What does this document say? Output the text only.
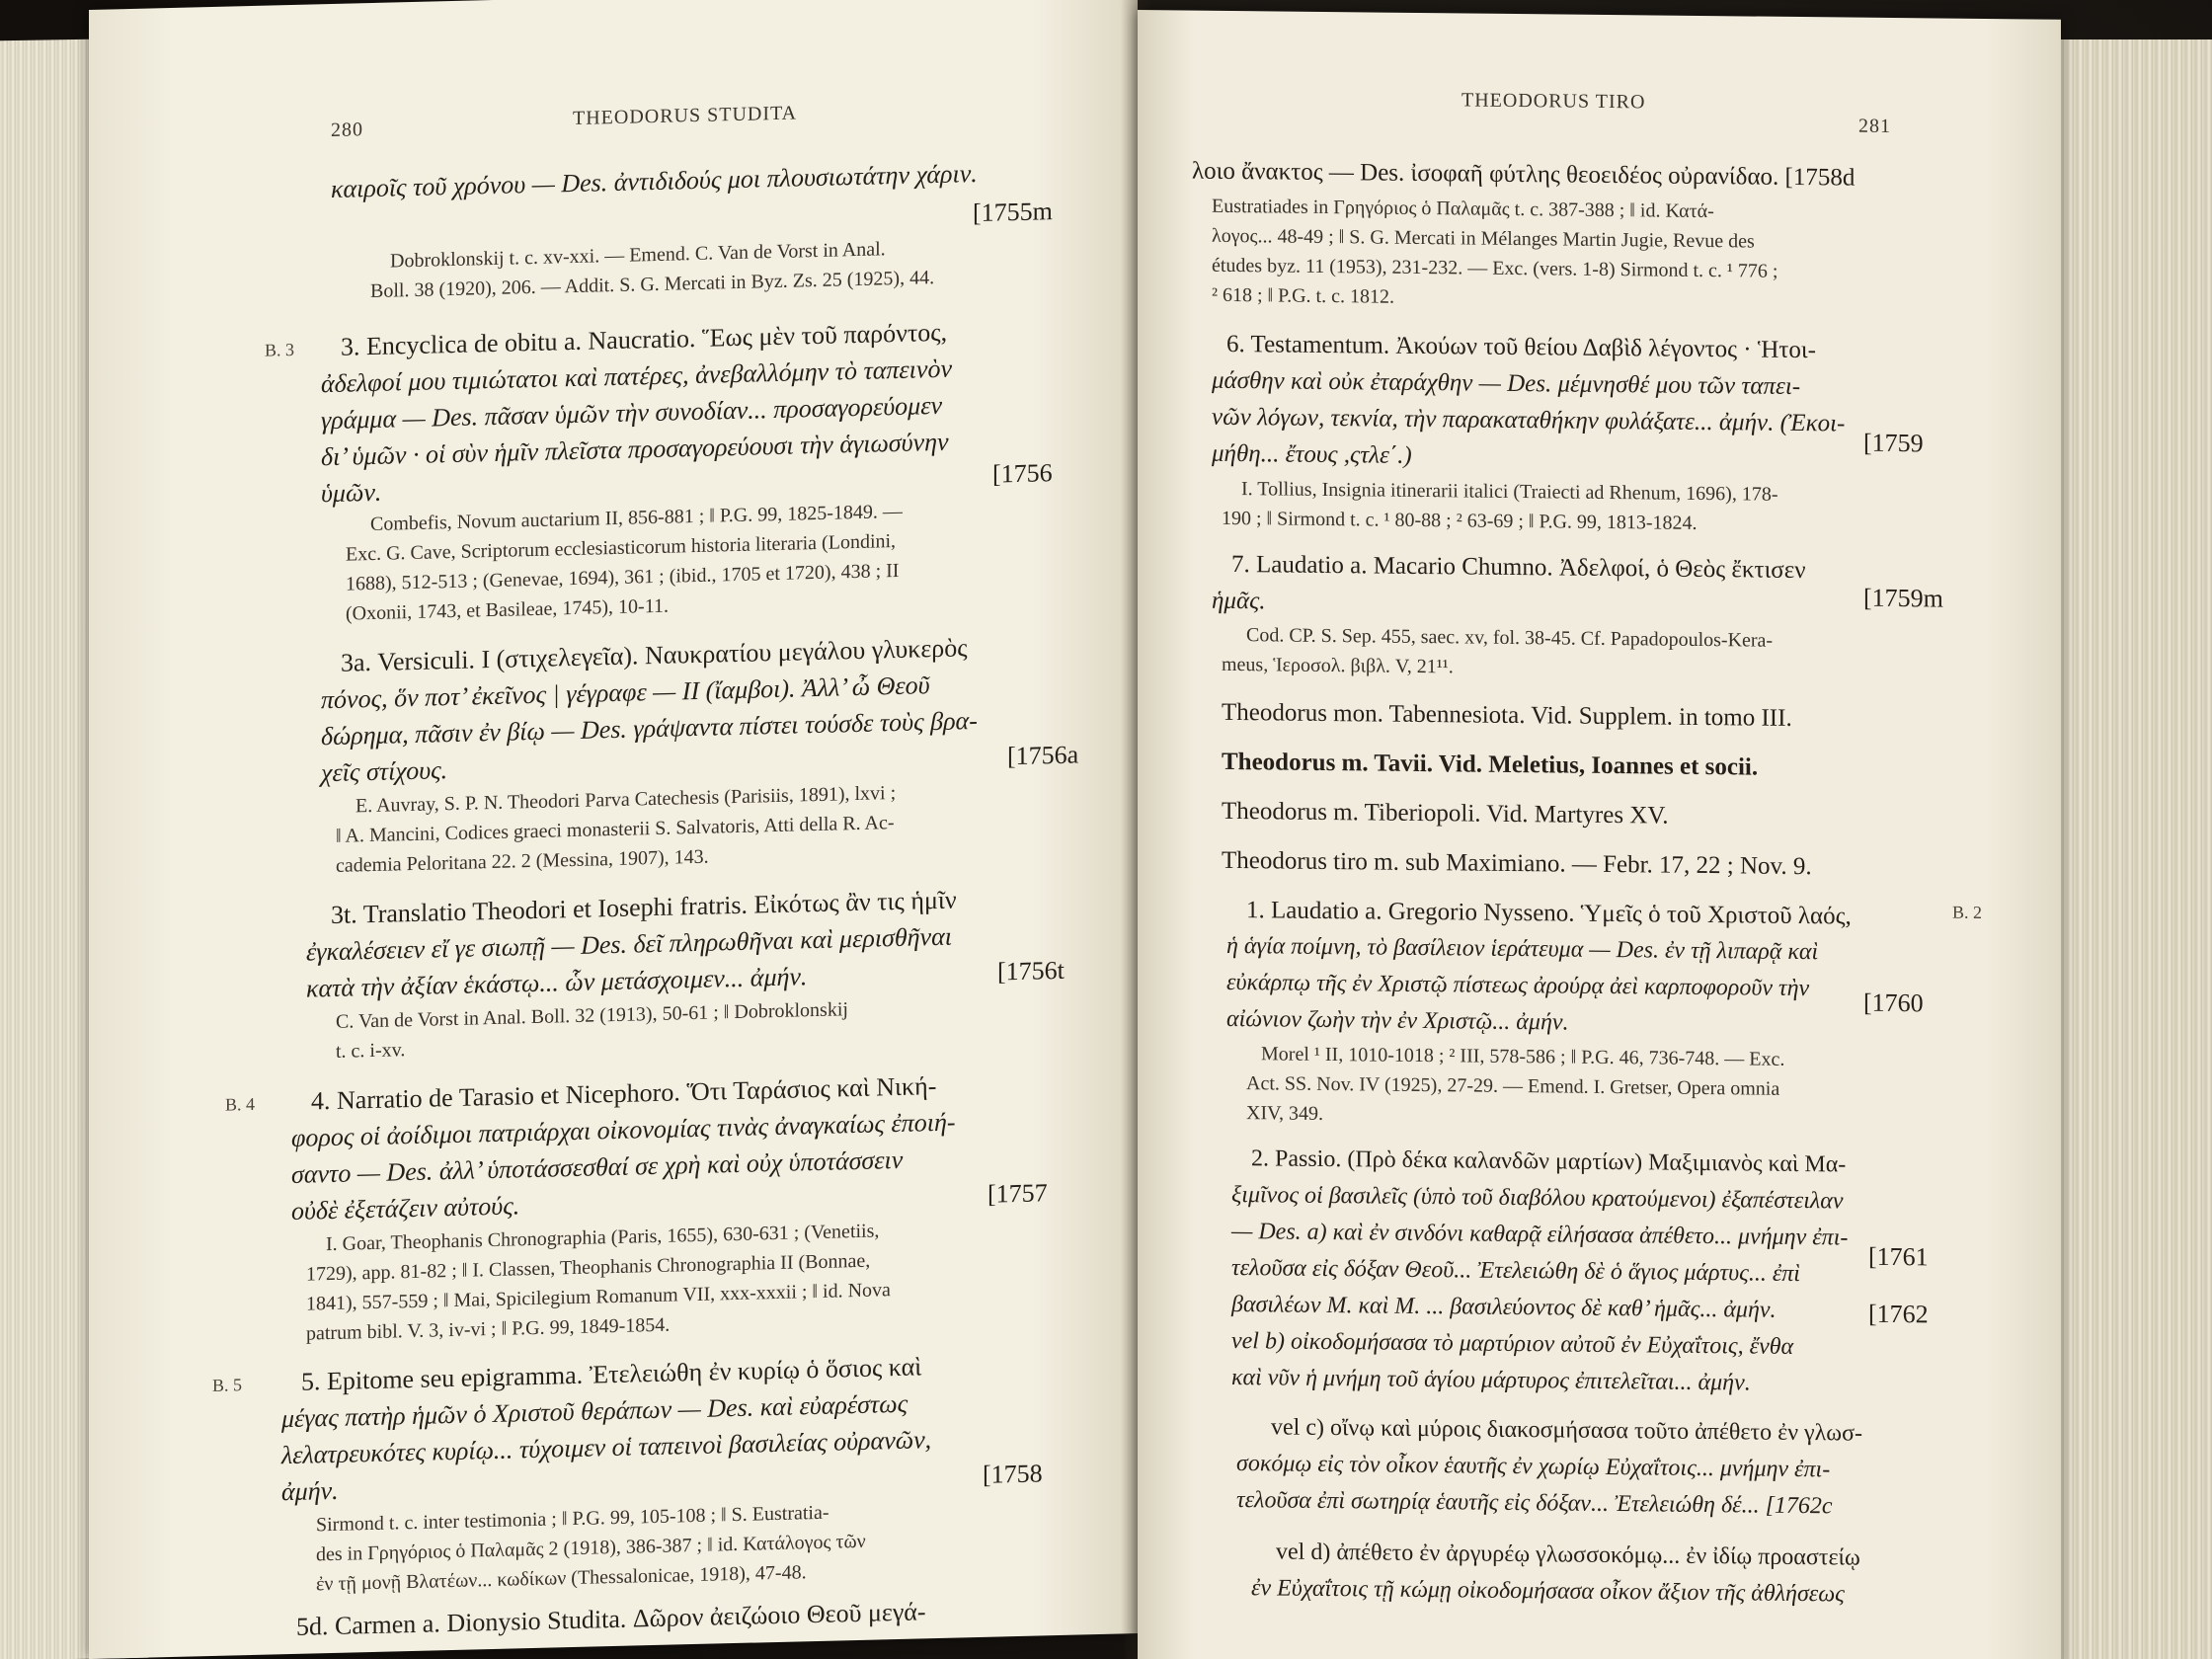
280
THEODORUS STUDITA
καιροῖς τοῦ χρόνου — Des. ἀντιδιδούς μοι πλουσιωτάτην χάριν.
[1755m
Dobroklonskij t. c. xv-xxi. — Emend. C. Van de Vorst in Anal.
Boll. 38 (1920), 206. — Addit. S. G. Mercati in Byz. Zs. 25 (1925), 44.
B. 3 3. Encyclica de obitu a. Naucratio. Ἕως μὲν τοῦ παρόντος,
ἀδελφοί μου τιμιώτατοι καὶ πατέρες, ἀνεβαλλόμην τὸ ταπεινὸν
γράμμα — Des. πᾶσαν ὑμῶν τὴν συνοδίαν... προσαγορεύομεν
δι’ ὑμῶν · οἱ σὺν ἡμῖν πλεῖστα προσαγορεύουσι τὴν ἁγιωσύνην
ὑμῶν.
[1756
Combefis, Novum auctarium II, 856-881 ; ‖ P.G. 99, 1825-1849. —
Exc. G. Cave, Scriptorum ecclesiasticorum historia literaria (Londini,
1688), 512-513 ; (Genevae, 1694), 361 ; (ibid., 1705 et 1720), 438 ; II
(Oxonii, 1743, et Basileae, 1745), 10-11.
3a. Versiculi. I (στιχελεγεῖα). Ναυκρατίου μεγάλου γλυκερὸς
πόνος, ὅν ποτ’ ἐκεῖνος | γέγραφε — II (ἴαμβοι). Ἀλλ’ ὦ Θεοῦ
δώρημα, πᾶσιν ἐν βίῳ — Des. γράψαντα πίστει τούσδε τοὺς βρα-
χεῖς στίχους.
[1756a
E. Auvray, S. P. N. Theodori Parva Catechesis (Parisiis, 1891), lxvi ;
‖ A. Mancini, Codices graeci monasterii S. Salvatoris, Atti della R. Ac-
cademia Peloritana 22. 2 (Messina, 1907), 143.
3t. Translatio Theodori et Iosephi fratris. Εἰκότως ἂν τις ἡμῖν
ἐγκαλέσειεν εἴ γε σιωπῇ — Des. δεῖ πληρωθῆναι καὶ μερισθῆναι
κατὰ τὴν ἀξίαν ἑκάστῳ... ὧν μετάσχοιμεν... ἀμήν.	[1756t
C. Van de Vorst in Anal. Boll. 32 (1913), 50-61 ; ‖ Dobroklonskij
t. c. i-xv.
B. 4 4. Narratio de Tarasio et Nicephoro. Ὅτι Ταράσιος καὶ Νική-
φορος οἱ ἀοίδιμοι πατριάρχαι οἰκονομίας τινὰς ἀναγκαίως ἐποιή-
σαντο — Des. ἀλλ’ ὑποτάσσεσθαί σε χρὴ καὶ οὐχ ὑποτάσσειν
οὐδὲ ἐξετάζειν αὐτούς.	[1757
I. Goar, Theophanis Chronographia (Paris, 1655), 630-631 ; (Venetiis,
1729), app. 81-82 ; ‖ I. Classen, Theophanis Chronographia II (Bonnae,
1841), 557-559 ; ‖ Mai, Spicilegium Romanum VII, xxx-xxxii ; ‖ id. Nova
patrum bibl. V. 3, iv-vi ; ‖ P.G. 99, 1849-1854.
B. 5 5. Epitome seu epigramma. Ἐτελειώθη ἐν κυρίῳ ὁ ὅσιος καὶ
μέγας πατὴρ ἡμῶν ὁ Χριστοῦ θεράπων — Des. καὶ εὐαρέστως
λελατρευκότες κυρίῳ... τύχοιμεν οἱ ταπεινοὶ βασιλείας οὐρανῶν,
ἀμήν.
[1758
Sirmond t. c. inter testimonia ; ‖ P.G. 99, 105-108 ; ‖ S. Eustratia-
des in Γρηγόριος ὁ Παλαμᾶς 2 (1918), 386-387 ; ‖ id. Κατάλογος τῶν
ἐν τῇ μονῇ Βλατέων... κωδίκων (Thessalonicae, 1918), 47-48.
5d. Carmen a. Dionysio Studita. Δῶρον ἀειζώοιο Θεοῦ μεγά-
THEODORUS TIRO
281
λοιο ἄνακτος — Des. ἰσοφαῆ φύτλης θεοειδέος οὐρανίδαο. [1758d
Eustratiades in Γρηγόριος ὁ Παλαμᾶς t. c. 387-388 ; ‖ id. Κατά-
λογος... 48-49 ; ‖ S. G. Mercati in Mélanges Martin Jugie, Revue des
études byz. 11 (1953), 231-232. — Exc. (vers. 1-8) Sirmond t. c. ¹ 776 ;
² 618 ; ‖ P.G. t. c. 1812.
6. Testamentum. Ἀκούων τοῦ θείου Δαβὶδ λέγοντος · Ἡτοι-
μάσθην καὶ οὐκ ἐταράχθην — Des. μέμνησθέ μου τῶν ταπει-
νῶν λόγων, τεκνία, τὴν παρακαταθήκην φυλάξατε... ἀμήν. (Ἐκοι-
μήθη... ἔτους ,ςτλε΄.)	[1759
I. Tollius, Insignia itinerarii italici (Traiecti ad Rhenum, 1696), 178-
190 ; ‖ Sirmond t. c. ¹ 80-88 ; ² 63-69 ; ‖ P.G. 99, 1813-1824.
7. Laudatio a. Macario Chumno. Ἀδελφοί, ὁ Θεὸς ἔκτισεν
ἡμᾶς.	[1759m
Cod. CP. S. Sep. 455, saec. xv, fol. 38-45. Cf. Papadopoulos-Kera-
meus, Ἱεροσολ. βιβλ. V, 21¹¹.
Theodorus mon. Tabennesiota. Vid. Supplem. in tomo III.
Theodorus m. Tavii. Vid. Meletius, Ioannes et socii.
Theodorus m. Tiberiopoli. Vid. Martyres XV.
Theodorus tiro m. sub Maximiano. — Febr. 17, 22 ; Nov. 9.
B. 2
1. Laudatio a. Gregorio Nysseno. Ὑμεῖς ὁ τοῦ Χριστοῦ λαός,
ἡ ἁγία ποίμνη, τὸ βασίλειον ἱεράτευμα — Des. ἐν τῇ λιπαρᾷ καὶ
εὐκάρπῳ τῆς ἐν Χριστῷ πίστεως ἀρούρᾳ ἀεὶ καρποφοροῦν τὴν
αἰώνιον ζωὴν τὴν ἐν Χριστῷ... ἀμήν.
[1760
Morel ¹ II, 1010-1018 ; ² III, 578-586 ; ‖ P.G. 46, 736-748. — Exc.
Act. SS. Nov. IV (1925), 27-29. — Emend. I. Gretser, Opera omnia
XIV, 349.
2. Passio. (Πρὸ δέκα καλανδῶν μαρτίων) Μαξιμιανὸς καὶ Μα-
ξιμῖνος οἱ βασιλεῖς (ὑπὸ τοῦ διαβόλου κρατούμενοι) ἐξαπέστειλαν
— Des. a) καὶ ἐν σινδόνι καθαρᾷ εἱλήσασα ἀπέθετο... μνήμην ἐπι-
τελοῦσα εἰς δόξαν Θεοῦ... Ἐτελειώθη δὲ ὁ ἅγιος μάρτυς... ἐπὶ	[1761
βασιλέων Μ. καὶ Μ. ... βασιλεύοντος δὲ καθ’ ἡμᾶς... ἀμήν.
vel b) οἰκοδομήσασα τὸ μαρτύριον αὐτοῦ ἐν Εὐχαΐτοις, ἔνθα
[1762
καὶ νῦν ἡ μνήμη τοῦ ἁγίου μάρτυρος ἐπιτελεῖται... ἀμήν.
vel c) οἴνῳ καὶ μύροις διακοσμήσασα τοῦτο ἀπέθετο ἐν γλωσ-
σοκόμῳ εἰς τὸν οἶκον ἑαυτῆς ἐν χωρίῳ Εὐχαΐτοις... μνήμην ἐπι-
τελοῦσα ἐπὶ σωτηρίᾳ ἑαυτῆς εἰς δόξαν... Ἐτελειώθη δέ... [1762c
vel d) ἀπέθετο ἐν ἀργυρέῳ γλωσσοκόμῳ... ἐν ἰδίῳ προαστείῳ
ἐν Εὐχαΐτοις τῇ κώμῃ οἰκοδομήσασα οἶκον ἄξιον τῆς ἀθλήσεως
